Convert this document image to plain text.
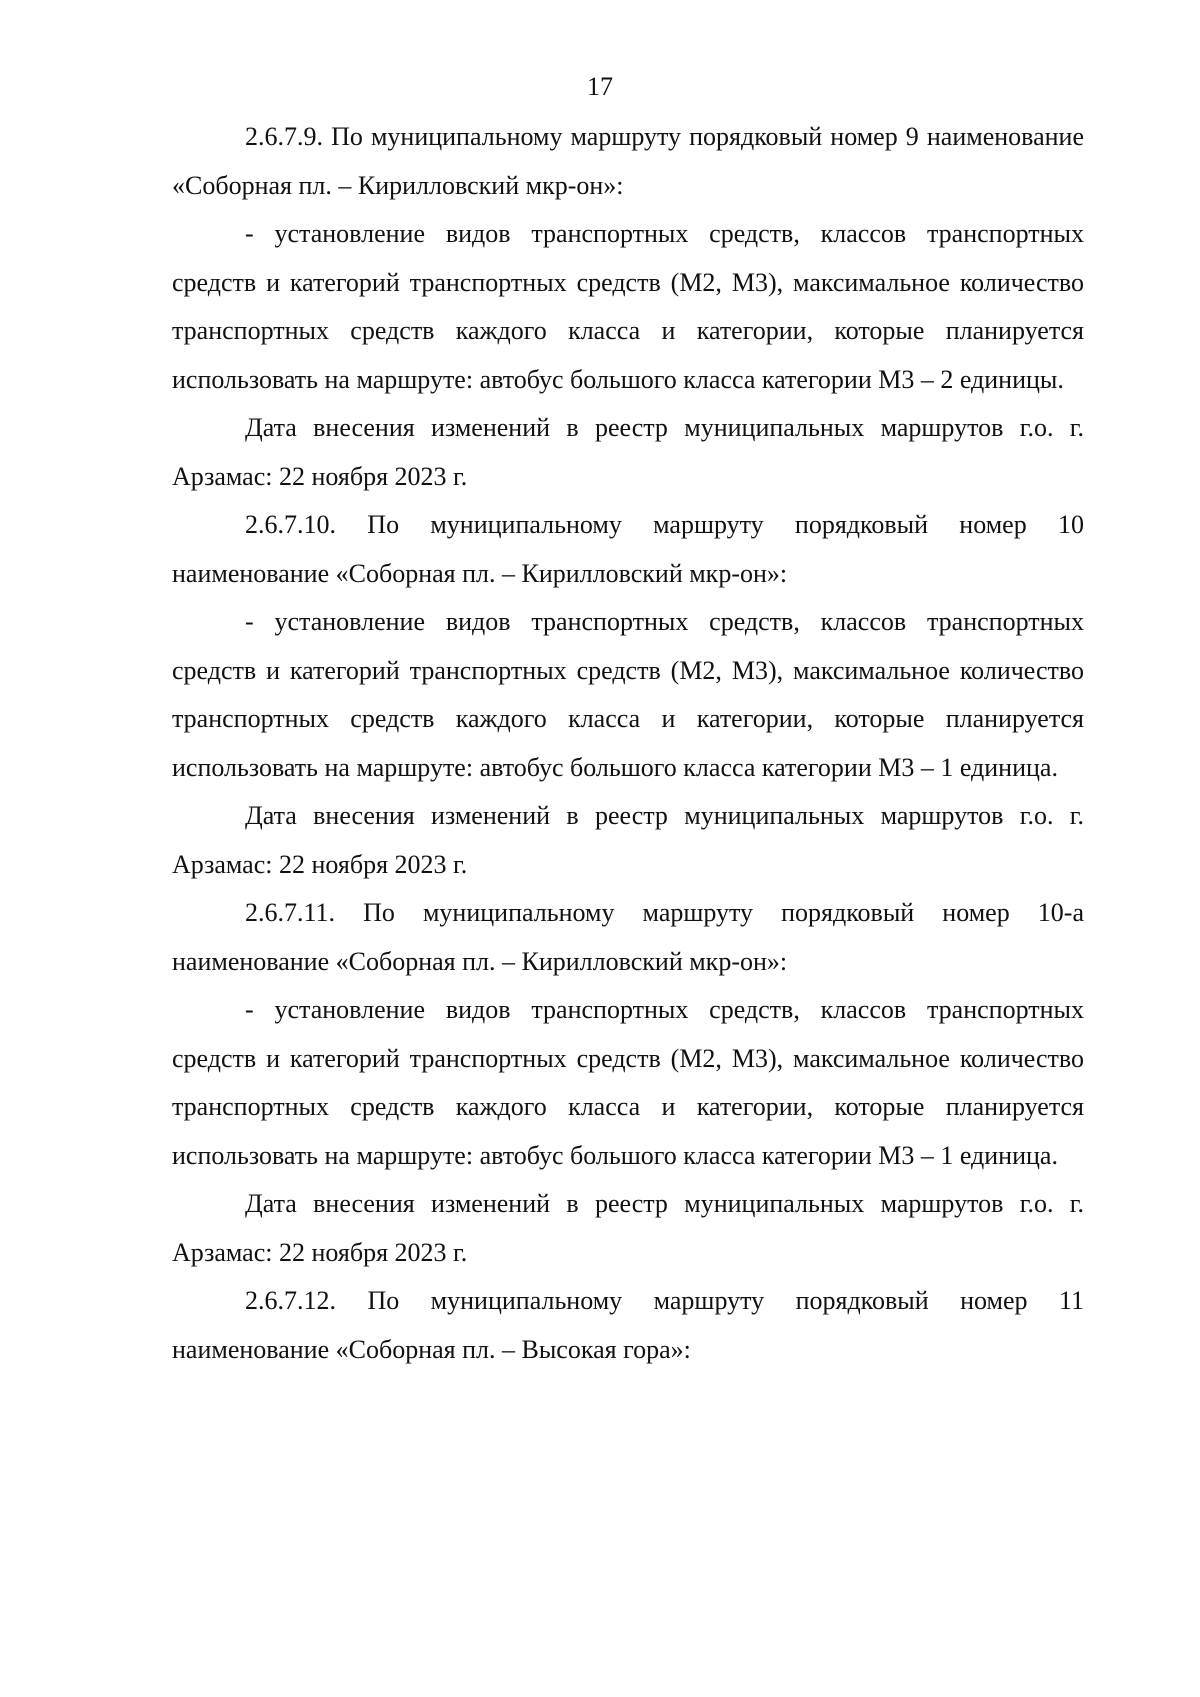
17

2.6.7.9. По муниципальному маршруту порядковый номер 9 наименование «Соборная пл. – Кирилловский мкр-он»:

- установление видов транспортных средств, классов транспортных средств и категорий транспортных средств (М2, М3), максимальное количество транспортных средств каждого класса и категории, которые планируется использовать на маршруте: автобус большого класса категории М3 – 2 единицы.

Дата внесения изменений в реестр муниципальных маршрутов г.о. г. Арзамас: 22 ноября 2023 г.

2.6.7.10. По муниципальному маршруту порядковый номер 10 наименование «Соборная пл. – Кирилловский мкр-он»:

- установление видов транспортных средств, классов транспортных средств и категорий транспортных средств (М2, М3), максимальное количество транспортных средств каждого класса и категории, которые планируется использовать на маршруте: автобус большого класса категории М3 – 1 единица.

Дата внесения изменений в реестр муниципальных маршрутов г.о. г. Арзамас: 22 ноября 2023 г.

2.6.7.11. По муниципальному маршруту порядковый номер 10-а наименование «Соборная пл. – Кирилловский мкр-он»:

- установление видов транспортных средств, классов транспортных средств и категорий транспортных средств (М2, М3), максимальное количество транспортных средств каждого класса и категории, которые планируется использовать на маршруте: автобус большого класса категории М3 – 1 единица.

Дата внесения изменений в реестр муниципальных маршрутов г.о. г. Арзамас: 22 ноября 2023 г.

2.6.7.12. По муниципальному маршруту порядковый номер 11 наименование «Соборная пл. – Высокая гора»:
